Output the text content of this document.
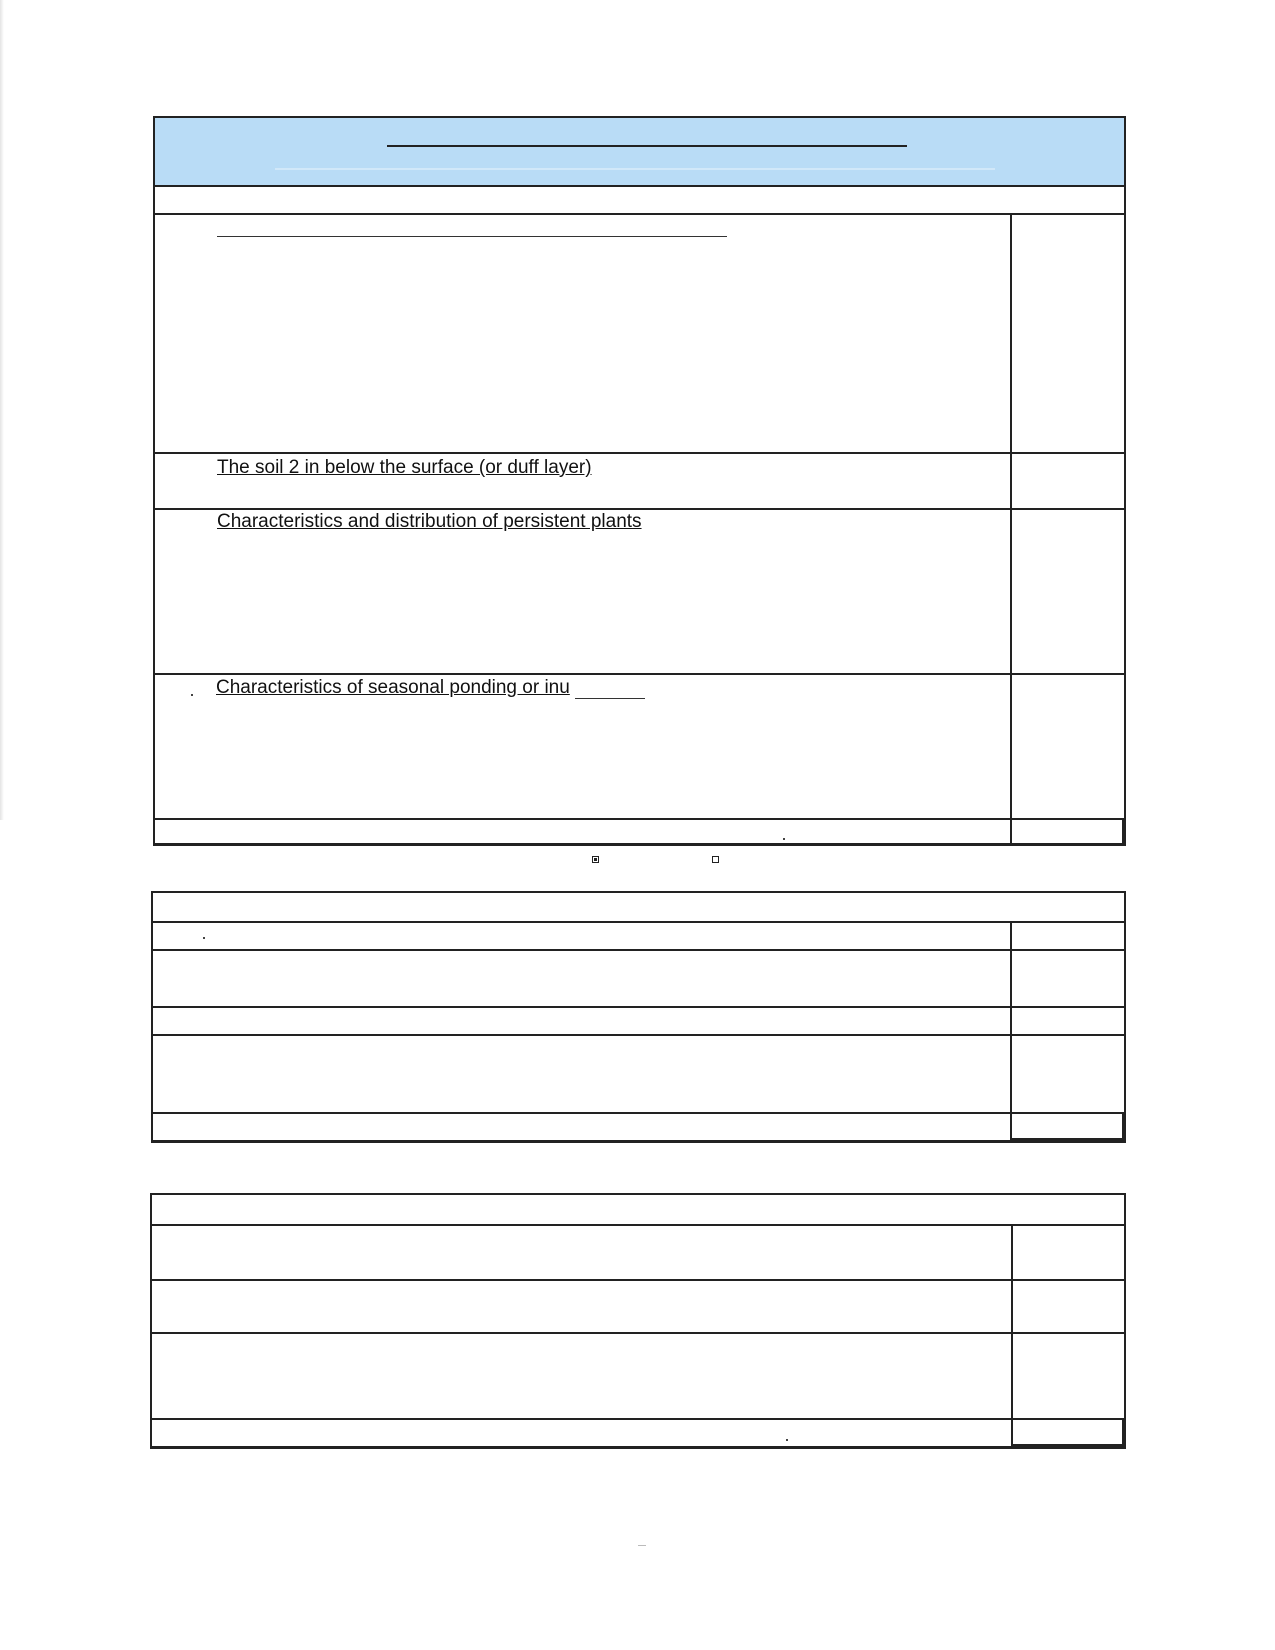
The soil 2 in below the surface (or duff layer)
Characteristics and distribution of persistent plants
Characteristics of seasonal ponding or inu
